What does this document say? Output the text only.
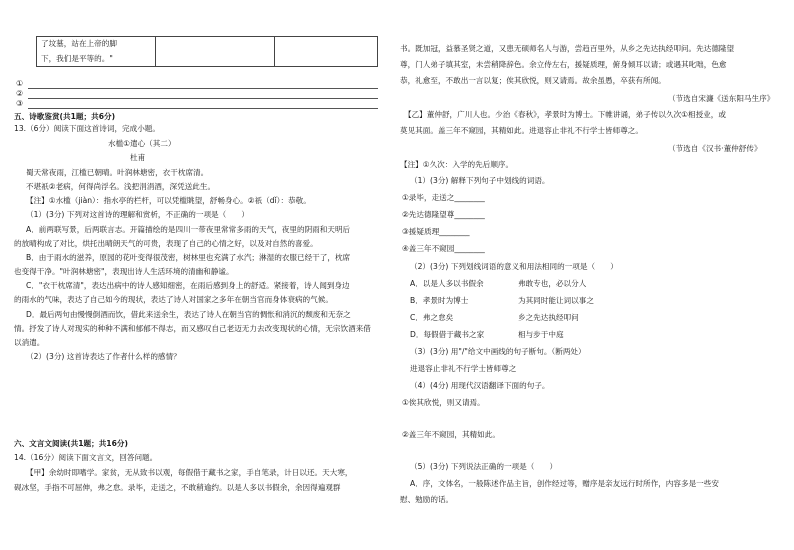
了坟墓，站在上帝的脚
下，我们是平等的。"

①
②
③
五、诗歌鉴赏(共1题；共6分)
13.（6分）阅读下面这首诗词，完成小题。
水槛①遣心（其二）
杜甫
蜀天常夜雨，江槛已朝晴。叶润林塘密，衣干枕席清。
不堪祇②老病，何得尚浮名。浅把涓涓酒，深凭送此生。
【注】①水槛（jiàn）：指水亭的栏杆，可以凭槛眺望，舒畅身心。②祇（dǐ）：恭敬。
（1）(3分) 下列对这首诗的理解和赏析，不正确的一项是（　　）
A．前两联写景，后两联言志。开篇描绘的是四川一带夜里常常多雨的天气，夜里的阴雨和天明后
的放晴构成了对比，烘托出晴朗天气的可贵，表现了自己的心情之好，以及对自然的喜爱。
B．由于雨水的滋养，原园的花叶变得很茂密，树林里也充满了水汽；淋湿的衣服已经干了，枕席
也变得干净。"叶润林塘密"，表现出诗人生活环境的清幽和静谧。
C．"衣干枕席清"，表达出病中的诗人感知细密，在雨后感到身上的舒适。紧接着，诗人闻到身边
的雨水的气味，表达了自己如今的现状，表达了诗人对国家之多年在朝当官而身体衰病的气候。
D．最后两句由慢慢倒酒而饮，借此来送余生，表达了诗人在朝当官的惆怅和消沉的颓废和无奈之
情。抒发了诗人对现实的种种不满和郁郁不得志，而又感叹自己老迈无力去改变现状的心情，无宗饮酒来借
以消遣。
（2）(3分) 这首诗表达了作者什么样的感情？
六、文言文阅读(共1题；共16分)
14.（16分）阅读下面文言文，回答问题。
【甲】余幼时即嗜学。家贫，无从致书以观，每假借于藏书之家，手自笔录，计日以还。天大寒，
砚冰坚，手指不可屈伸，弗之怠。录毕，走送之，不敢稍逾约。以是人多以书假余，余因得遍观群
书。既加冠，益慕圣贤之道，又患无硕师名人与游，尝趋百里外，从乡之先达执经叩问。先达德隆望
尊，门人弟子填其室，未尝稍降辞色。余立侍左右，援疑质理，俯身倾耳以请；或遇其叱咄，色愈
恭，礼愈至，不敢出一言以复；俟其欣悦，则又请焉。故余虽愚，卒获有所闻。
（节选自宋濂《送东阳马生序》
【乙】董仲舒，广川人也。少治《春秋》，孝景时为博士。下帷讲诵，弟子传以久次①相授业，或
莫见其面。盖三年不窥园，其精如此。进退容止非礼不行学士皆师尊之。
（节选自《汉书·董仲舒传》
【注】①久次：入学的先后顺序。
（1）(3分) 解释下列句子中划线的词语。
①录毕，走送之________
②先达德隆望尊________
③援疑质理________
④盖三年不窥园________
（2）(3分) 下列划线词语的意义和用法相同的一项是（　　）
A．以是人多以书假余	弗敢专也，必以分人
B．孝景时为博士	为其同时能让词以事之
C．弗之怠矣	乡之先达执经叩问
D．每假借于藏书之家	相与步于中庭
（3）(3分) 用"/"给文中画线的句子断句。（断两处）
进退容止非礼不行学士皆师尊之
（4）(4分) 用现代汉语翻译下面的句子。
①俟其欣悦，则又请焉。
②盖三年不窥园，其精如此。
（5）(3分) 下列说法正确的一项是（　　）
A．序，文体名，一般陈述作品主旨，创作经过等，赠序是亲友远行时所作，内容多是一些安
慰、勉励的话。
